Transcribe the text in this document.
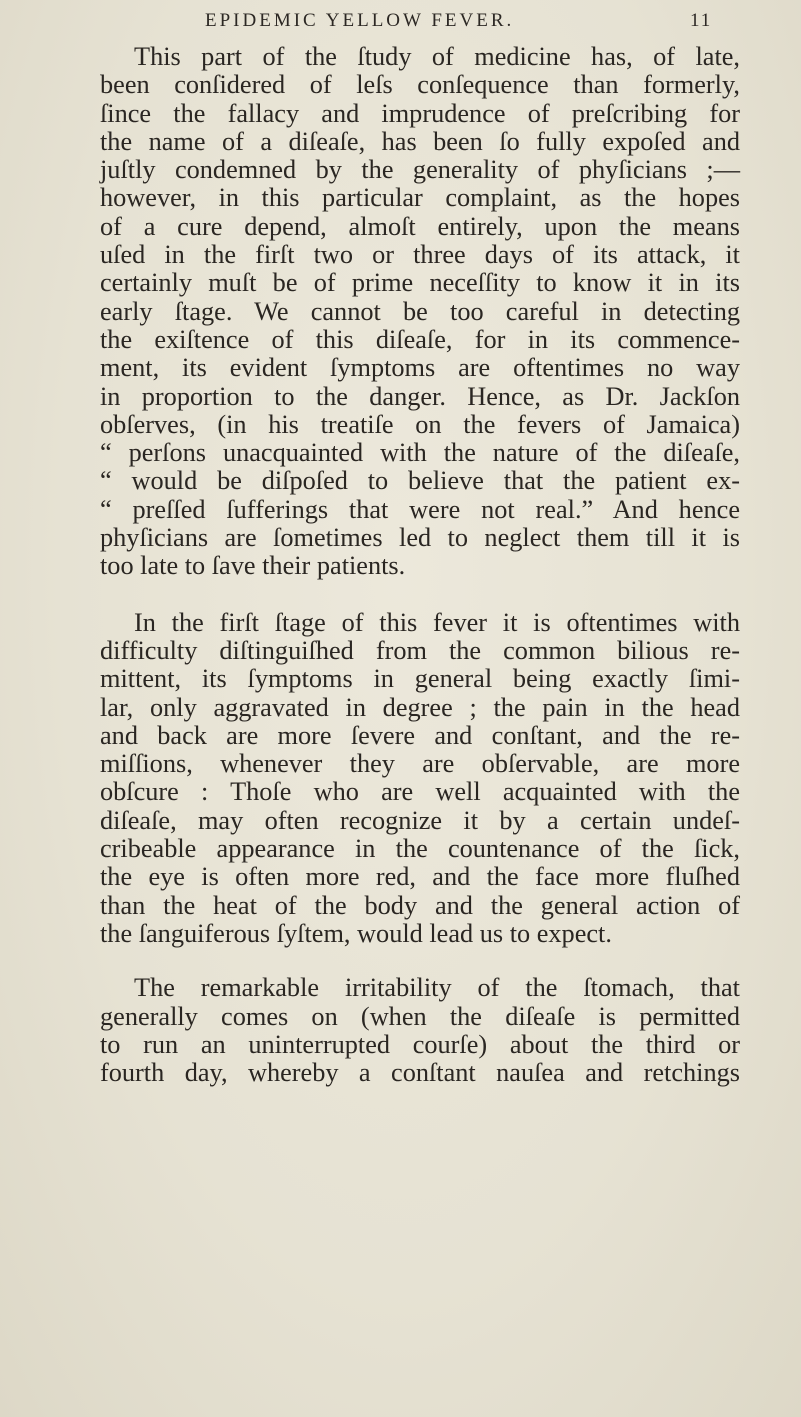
EPIDEMIC YELLOW FEVER.	11
This part of the ſtudy of medicine has, of late,
been conſidered of leſs conſequence than formerly,
ſince the fallacy and imprudence of preſcribing for
the name of a diſeaſe, has been ſo fully expoſed and
juſtly condemned by the generality of phyſicians ;—
however, in this particular complaint, as the hopes
of a cure depend, almoſt entirely, upon the means
uſed in the firſt two or three days of its attack, it
certainly muſt be of prime neceſſity to know it in its
early ſtage. We cannot be too careful in detecting
the exiſtence of this diſeaſe, for in its commence-
ment, its evident ſymptoms are oftentimes no way
in proportion to the danger. Hence, as Dr. Jackſon
obſerves, (in his treatiſe on the fevers of Jamaica)
“ perſons unacquainted with the nature of the diſeaſe,
“ would be diſpoſed to believe that the patient ex-
“ preſſed ſufferings that were not real.” And hence
phyſicians are ſometimes led to neglect them till it is
too late to ſave their patients.
In the firſt ſtage of this fever it is oftentimes with
difficulty diſtinguiſhed from the common bilious re-
mittent, its ſymptoms in general being exactly ſimi-
lar, only aggravated in degree ; the pain in the head
and back are more ſevere and conſtant, and the re-
miſſions, whenever they are obſervable, are more
obſcure : Thoſe who are well acquainted with the
diſeaſe, may often recognize it by a certain undeſ-
cribeable appearance in the countenance of the ſick,
the eye is often more red, and the face more fluſhed
than the heat of the body and the general action of
the ſanguiferous ſyſtem, would lead us to expect.
The remarkable irritability of the ſtomach, that
generally comes on (when the diſeaſe is permitted
to run an uninterrupted courſe) about the third or
fourth day, whereby a conſtant nauſea and retchings
